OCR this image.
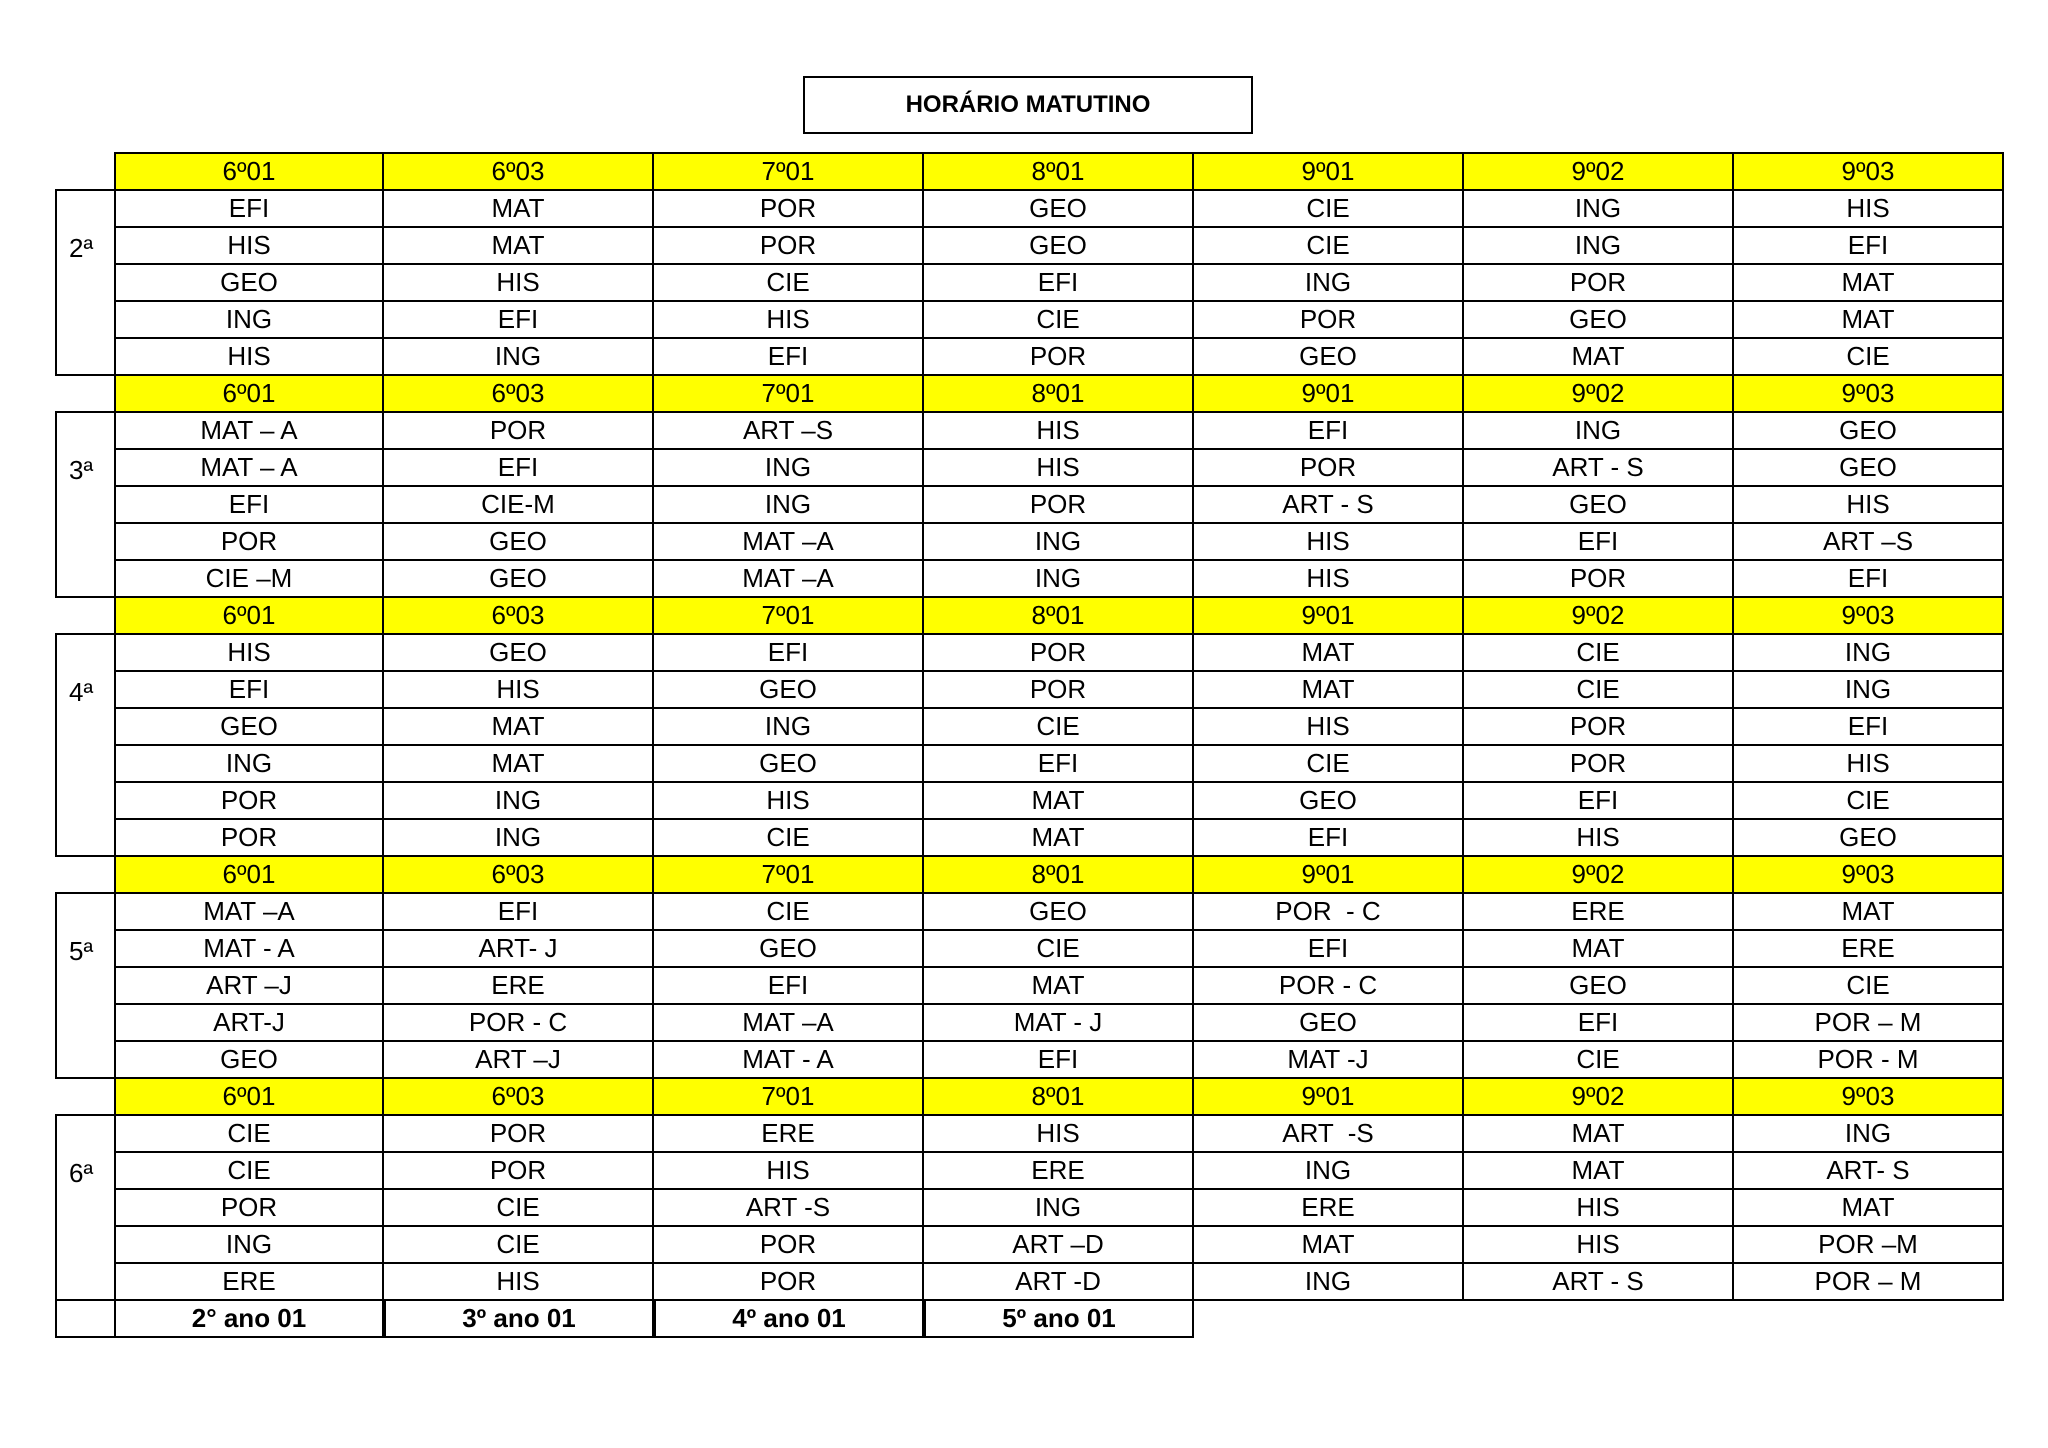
HORÁRIO MATUTINO
6º01	6º03	7º01	8º01	9º01	9º02	9º03
EFI	MAT	POR	GEO	CIE	ING	HIS
HIS	MAT	POR	GEO	CIE	ING	EFI
GEO	HIS	CIE	EFI	ING	POR	MAT
ING	EFI	HIS	CIE	POR	GEO	MAT
HIS	ING	EFI	POR	GEO	MAT	CIE
2ª
6º01	6º03	7º01	8º01	9º01	9º02	9º03
MAT – A	POR	ART –S	HIS	EFI	ING	GEO
MAT – A	EFI	ING	HIS	POR	ART - S	GEO
EFI	CIE-M	ING	POR	ART - S	GEO	HIS
POR	GEO	MAT –A	ING	HIS	EFI	ART –S
CIE –M	GEO	MAT –A	ING	HIS	POR	EFI
3ª
6º01	6º03	7º01	8º01	9º01	9º02	9º03
HIS	GEO	EFI	POR	MAT	CIE	ING
EFI	HIS	GEO	POR	MAT	CIE	ING
GEO	MAT	ING	CIE	HIS	POR	EFI
ING	MAT	GEO	EFI	CIE	POR	HIS
POR	ING	HIS	MAT	GEO	EFI	CIE
POR	ING	CIE	MAT	EFI	HIS	GEO
4ª
6º01	6º03	7º01	8º01	9º01	9º02	9º03
MAT –A	EFI	CIE	GEO	POR  - C	ERE	MAT
MAT - A	ART- J	GEO	CIE	EFI	MAT	ERE
ART –J	ERE	EFI	MAT	POR - C	GEO	CIE
ART-J	POR - C	MAT –A	MAT - J	GEO	EFI	POR – M
GEO	ART –J	MAT - A	EFI	MAT -J	CIE	POR - M
5ª
6º01	6º03	7º01	8º01	9º01	9º02	9º03
CIE	POR	ERE	HIS	ART  -S	MAT	ING
CIE	POR	HIS	ERE	ING	MAT	ART- S
POR	CIE	ART -S	ING	ERE	HIS	MAT
ING	CIE	POR	ART –D	MAT	HIS	POR –M
ERE	HIS	POR	ART -D	ING	ART - S	POR – M
6ª
2° ano 01	3º ano 01	4º ano 01	5º ano 01
